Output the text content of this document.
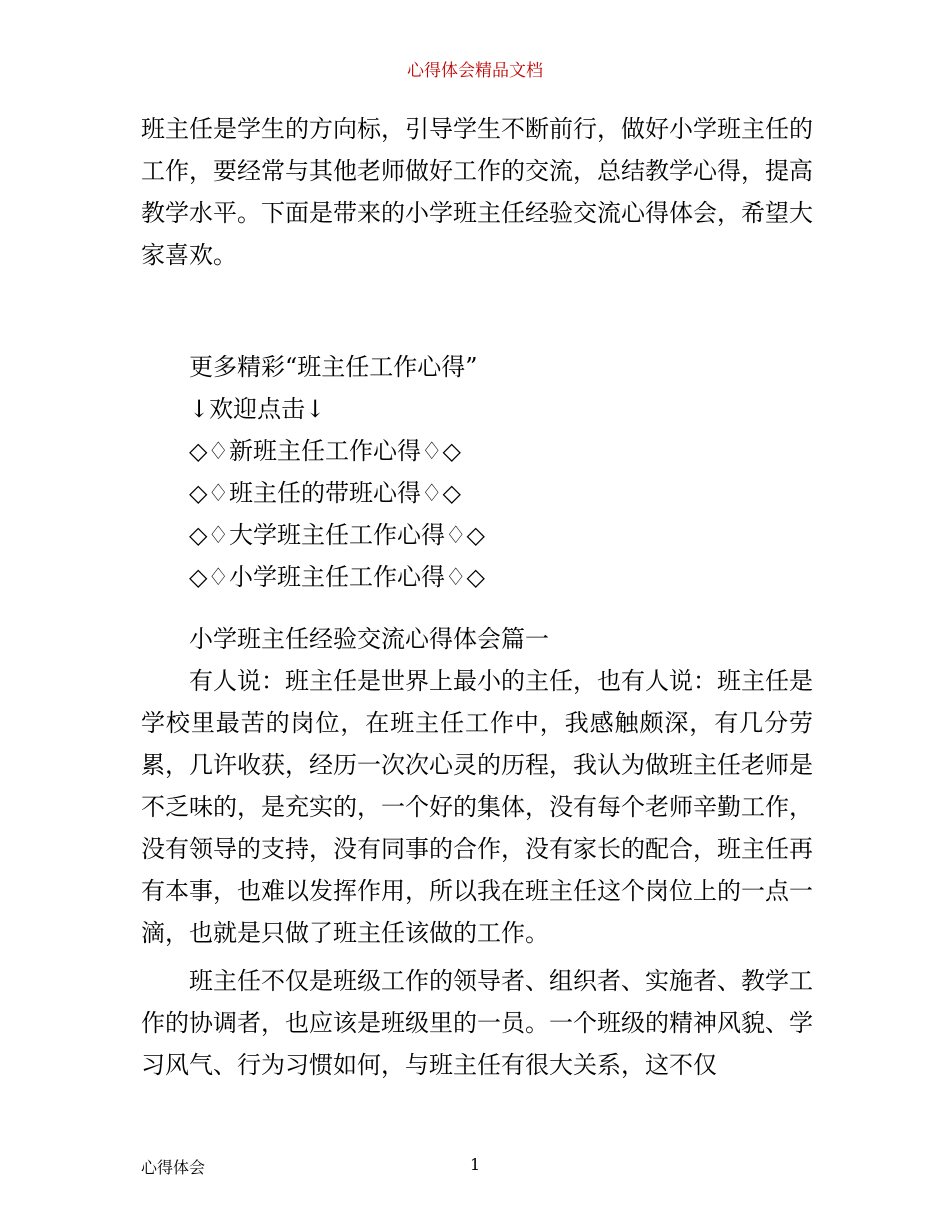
心得体会精品文档

班主任是学生的方向标，引导学生不断前行，做好小学班主任的工作，要经常与其他老师做好工作的交流，总结教学心得，提高教学水平。下面是带来的小学班主任经验交流心得体会，希望大家喜欢。

更多精彩“班主任工作心得”

↓欢迎点击↓

◇♢新班主任工作心得♢◇

◇♢班主任的带班心得♢◇

◇♢大学班主任工作心得♢◇

◇♢小学班主任工作心得♢◇

小学班主任经验交流心得体会篇一

有人说：班主任是世界上最小的主任，也有人说：班主任是学校里最苦的岗位，在班主任工作中，我感触颇深，有几分劳累，几许收获，经历一次次心灵的历程，我认为做班主任老师是不乏味的，是充实的，一个好的集体，没有每个老师辛勤工作，没有领导的支持，没有同事的合作，没有家长的配合，班主任再有本事，也难以发挥作用，所以我在班主任这个岗位上的一点一滴，也就是只做了班主任该做的工作。

班主任不仅是班级工作的领导者、组织者、实施者、教学工作的协调者，也应该是班级里的一员。一个班级的精神风貌、学习风气、行为习惯如何，与班主任有很大关系，这不仅

心得体会	1
